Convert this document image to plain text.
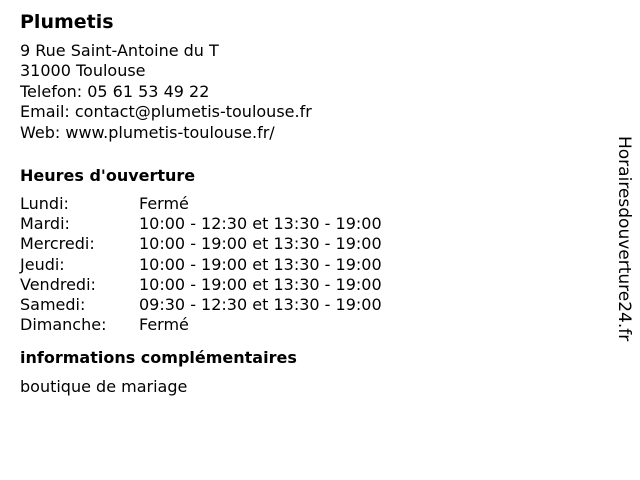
Plumetis
9 Rue Saint-Antoine du T
31000 Toulouse
Telefon: 05 61 53 49 22
Email: contact@plumetis-toulouse.fr
Web: www.plumetis-toulouse.fr/
Heures d'ouverture
Lundi:	Fermé
Mardi:	10:00 - 12:30 et 13:30 - 19:00
Mercredi:	10:00 - 19:00 et 13:30 - 19:00
Jeudi:	10:00 - 19:00 et 13:30 - 19:00
Vendredi:	10:00 - 19:00 et 13:30 - 19:00
Samedi:	09:30 - 12:30 et 13:30 - 19:00
Dimanche:	Fermé
informations complémentaires
boutique de mariage
Horairesdouverture24.fr
